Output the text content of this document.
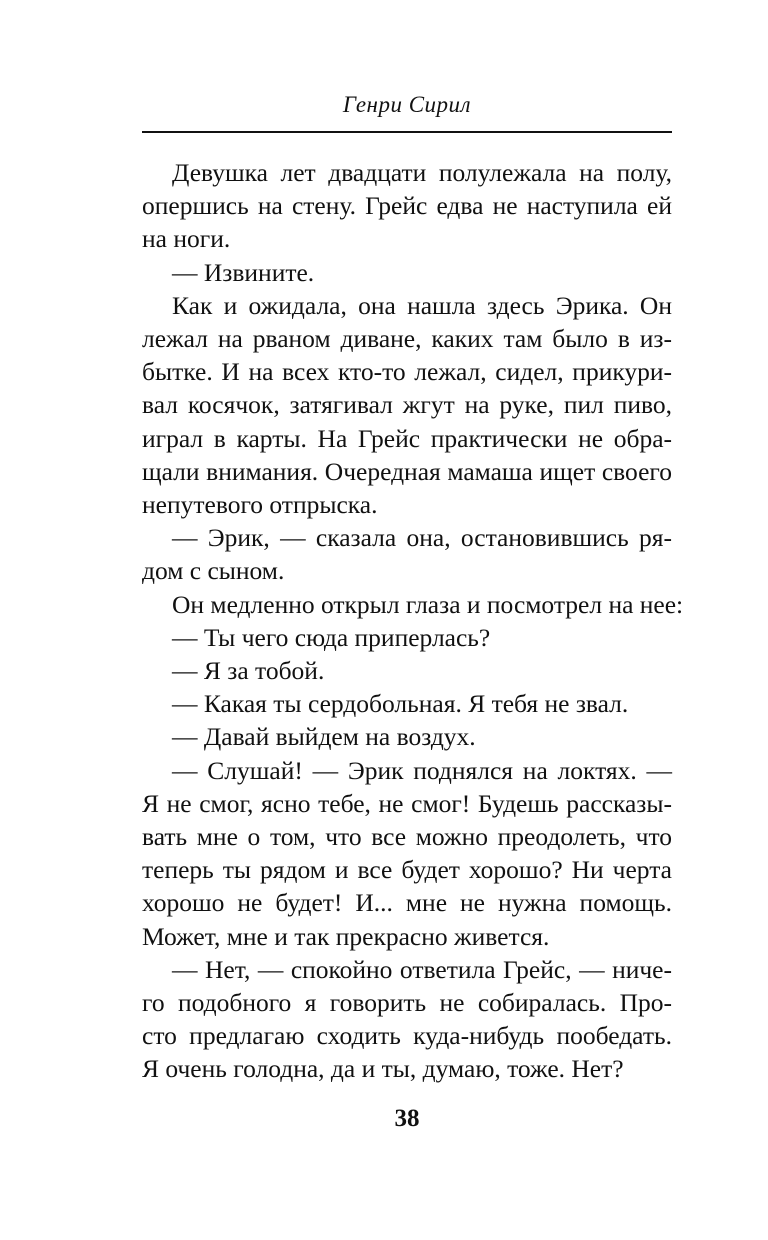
Генри Сирил

Девушка лет двадцати полулежала на полу,
опершись на стену. Грейс едва не наступила ей
на ноги.

— Извините.

Как и ожидала, она нашла здесь Эрика. Он
лежал на рваном диване, каких там было в из-
бытке. И на всех кто-то лежал, сидел, прикури-
вал косячок, затягивал жгут на руке, пил пиво,
играл в карты. На Грейс практически не обра-
щали внимания. Очередная мамаша ищет своего
непутевого отпрыска.

— Эрик, — сказала она, остановившись ря-
дом с сыном.

Он медленно открыл глаза и посмотрел на нее:

— Ты чего сюда приперлась?

— Я за тобой.

— Какая ты сердобольная. Я тебя не звал.

— Давай выйдем на воздух.

— Слушай! — Эрик поднялся на локтях. —
Я не смог, ясно тебе, не смог! Будешь рассказы-
вать мне о том, что все можно преодолеть, что
теперь ты рядом и все будет хорошо? Ни черта
хорошо не будет! И... мне не нужна помощь.
Может, мне и так прекрасно живется.

— Нет, — спокойно ответила Грейс, — ниче-
го подобного я говорить не собиралась. Про-
сто предлагаю сходить куда-нибудь пообедать.
Я очень голодна, да и ты, думаю, тоже. Нет?

38
